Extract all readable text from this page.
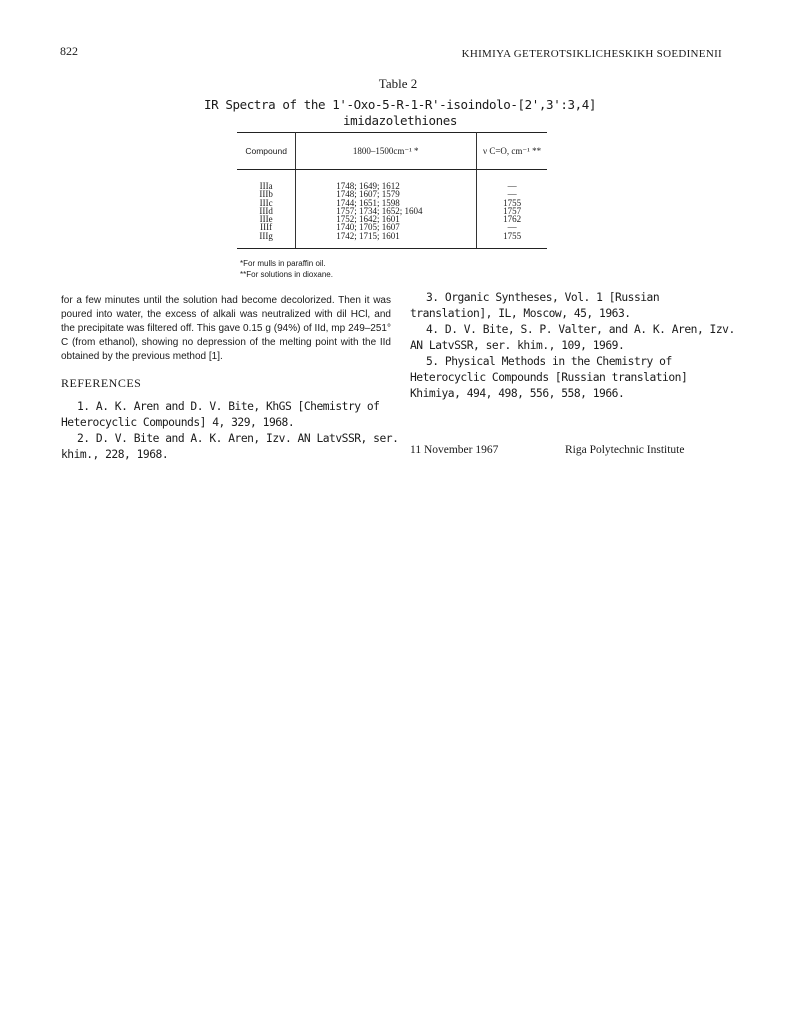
822	KHIMIYA GETEROTSIKLICHESKIKH SOEDINENII
Table 2
IR Spectra of the 1'-Oxo-5-R-1-R'-isoindolo-[2',3':3,4]
imidazolethiones
Compound	1800–1500cm⁻¹ *	ν C=O, cm⁻¹ **
IIIa	1748; 1649; 1612	—
IIIb	1748; 1607; 1579	—
IIIc	1744; 1651; 1598	1755
IIId	1757; 1734; 1652; 1604	1757
IIIe	1752; 1642; 1601	1762
IIIf	1740; 1705; 1607	—
IIIg	1742; 1715; 1601	1755
*For mulls in paraffin oil.
**For solutions in dioxane.

for a few minutes until the solution had become decolorized. Then it was poured into water, the excess of alkali was neutralized with dil HCl, and the precipitate was filtered off. This gave 0.15 g (94%) of IId, mp 249–251° C (from ethanol), showing no depression of the melting point with the IId obtained by the previous method [1].

REFERENCES

1. A. K. Aren and D. V. Bite, KhGS [Chemistry of Heterocyclic Compounds] 4, 329, 1968.

2. D. V. Bite and A. K. Aren, Izv. AN LatvSSR, ser. khim., 228, 1968.

3. Organic Syntheses, Vol. 1 [Russian translation], IL, Moscow, 45, 1963.

4. D. V. Bite, S. P. Valter, and A. K. Aren, Izv. AN LatvSSR, ser. khim., 109, 1969.

5. Physical Methods in the Chemistry of Heterocyclic Compounds [Russian translation] Khimiya, 494, 498, 556, 558, 1966.

11 November 1967	Riga Polytechnic Institute
